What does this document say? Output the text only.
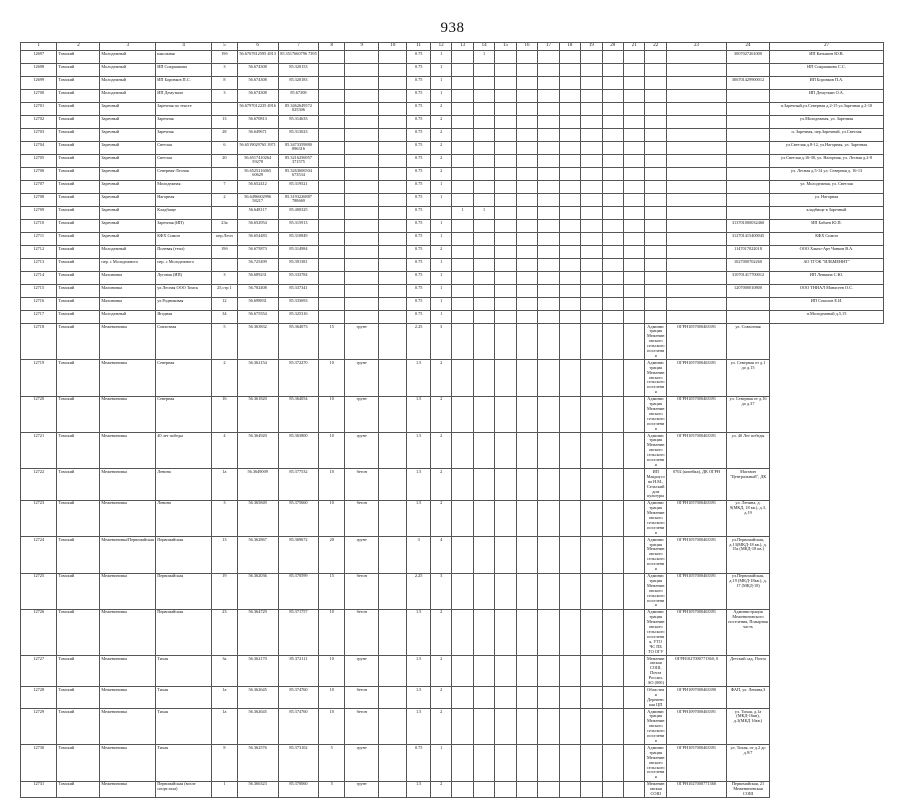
938
1	2	3	4	5	6	7	8	9	10	11	12	13	14	15	16	17	18	19	20	21	22	23	24	27
12697	Томский	Молодежный	школьная	19б	56.6767812595 4913	85.3517660796 7395				0.75	1		1										3007027261000	ИП Катышев Ю.В.
12698	Томский	Молодежный	ИП Сокрашкова	3	56.674308	85.320153				0.75	1													ИП Сокрашкова С.С.
12699	Томский	Молодежный	ИП Боровков П.С.	8	56.674308	85.320183				0.75	1												306701429900012	ИП Боровков П.А.
12700	Томский	Молодежный	ИП Демуткин	3	56.674308	85.67308				0.75	1													ИП Демуткин О.А.
12701	Томский	Заречный	Заречная по тексте		56.6797012235 4916	85.3462649572 025306				0.75	2													п.Заречный,ул.Северная д.2-15 ул.Заречная д.2-10
12702	Томский	Заречный	Заречная	13	56.670813	85.314633				0.75	2													ул.Молодежная, ул. Заречная
12703	Томский	Заречный	Заречная	28	56.649671	85.313023				0.75	2													п. Заречная, пер.Заречный, ул.Светлая
12704	Томский	Заречный	Светлая	6	56.6519029765 3971	85.3473359880 096316				0.75	2													ул.Светлая д.8-12, ул.Нагорная, ул. Заречная
12705	Томский	Заречный	Светлая	20	56.6517410264 59278	85.3216256957 371575				0.75	2													ул.Светлая д.16-30, ул. Нагорная, ул. Лесная д.2-8
12706	Томский	Заречный	Северная-Лесная		56.6525216065 60629	85.3263606504 673534				0.75	2													ул. Лесная д.5-14 ул. Северная д. 16-13
12707	Томский	Заречный	Молодежная	7	56.652412	85.319521				0.75	1													ул. Молодежная, ул. Светлая
12708	Томский	Заречный	Нагорная	2	56.6496602996 58217	85.3193226887 788669				0.75	1													ул. Нагорная
12709	Томский	Заречный	Кладбище		56.648117	85.400325				0.75		1	1											кладбище в Заречный
12710	Томский	Заречный	Заречная (ИП)	23а	56.652954	85.315913				0.75	1												313701000032460	ИП Бабаев Ю.П.
12711	Томский	Заречный	КФХ Симон	пер.Лесн	56.654483	85.310849				0.75	1												312701415400045	КФХ Симон
12712	Томский	Молодежный	Полевая (тепл)	19б	56.675873	85.314984				0.75	2												1147017022018	ООО Хакпо-Арт Чанков В.А.
12713	Томский	пер. с Молодежного	пер. с Молодежного		56.725499	85.391381				0.75	1												1027000702260	АО ТГОК "ИЛЬМЕНИТ"
12714	Томский	Малиновка	Луговая (ИП)	3	56.689231	85.333784				0.75	1												310701417700012	ИП Левкина С.Ю.
12715	Томский	Малиновка	ул.Лесная ООО Томск	25,стр 1	56.702408	85.337341				0.75	1												1207000010800	ООО ТНИАЛ Манасеев О.С.
12716	Томский	Малиновка	ул.Родниковая	12	56.698831	85.333693				0.75	1													ИП Соколов Е.И.
12717	Томский	Молодежный	Ягодная	34	56.675554	85.325316				0.75	1													п.Молодежный д.5,15
12718	Томский	Межениновка	Совхозная	5	56.363832	85.364073	15	грунт		2.25	3										Администрация Межениновского сельского поселения	ОГРН1057000463391	ул. Совхозная	
12719	Томский	Межениновка	Северная	2	56.362154	85.372270	10	грунт		1.5	2										Администрация Межениновского сельского поселения	ОГРН1057000463391	ул. Северная от д.1 до д.15	
12720	Томский	Межениновка	Северная	16	56.361820	85.364054	10	грунт		1.5	2										Администрация Межениновского сельского поселения	ОГРН1057000463391	ул. Северная от д.16 до д.37	
12721	Томский	Межениновка	40 лет победы	4	56.364920	85.363800	10	грунт		1.5	2										Администрация Межениновского сельского поселения	ОГРН1057000463391	ул. 40 Лет победы	
12722	Томский	Межениновка	Ленина	1а	56.3649009	85.377532	10	бетон		1.5	2										ИП Макроусова Н.М., Сельский дом культуры	0702 (копейка), ДК ОГРН	Магазин "Центральный", ДК	
12723	Томский	Межениновка	Ленина	3	56.365849	85.375660	10	бетон		1.5	2										Администрация Межениновского сельского поселения	ОГРН1057000463391	ул. Ленина, д. 9(МКД, 18 кв.), д.3, д.19	
12724	Томский	Межениновка/Первомайская	Первомайская	13	56.362867	85.369672	20	грунт		3	4										Администрация Межениновского сельского поселения	ОГРН1057000463391	ул.Первомайская, д.13(МКД-18 кв.), д. 15а (МКД-18 кв.)	
12725	Томский	Межениновка	Первомайская	19	56.362036	85.370599	15	бетон		2.25	3										Администрация Межениновского сельского поселения	ОГРН1057000463391	ул.Первомайская, д.19 (МКД-18кв.), д. 17 (МКД-18)	
12726	Томский	Межениновка	Первомайская	23	56.364729	85.371757	10	бетон		1.5	2										Администрация Межениновского сельского поселения, УТО ЧС ПБ ТО ОГУ	ОГРН1057000463391	Администрация Межениновского поселения, Пожарная часть	
12727	Томский	Межениновка	Тихая	3а	56.362170	85.372111	10	грунт		1.5	2										Межениновская СОШ, Почта России, АО (000)	ОГРН1027000771360, 0	Детский сад, Почта	
12728	Томский	Межениновка	Тихая	1а	56.362645	85.374760	10	бетон		1.5	2										Областная Деревенская ЦП	ОГРН1097000463390	ФАП, ул. Ленина,3	
12729	Томский	Межениновка	Тихая	1а	56.362645	85.374760	10	бетон		1.5	2										Администрация Межениновского сельского поселения	ОГРН1097000463391	ул. Тихая, д.1а (МКД-16кв), д.3(МКД 16кв.)	
12730	Томский	Межениновка	Тихая	8	56.362576	85.373102	5	грунт		0.75	1										Администрация Межениновского сельского поселения	ОГРН1057000463391	ул. Тихая, от д.2 до д.9/7	
12731	Томский	Межениновка	Первомайская (возле спорт.зала)	1	56.366323	85.370060	5	грунт		1.5	2										Межениновская СОШ	ОГРН1027000771360	Первомайская, 21 Межениновская СОШ	
